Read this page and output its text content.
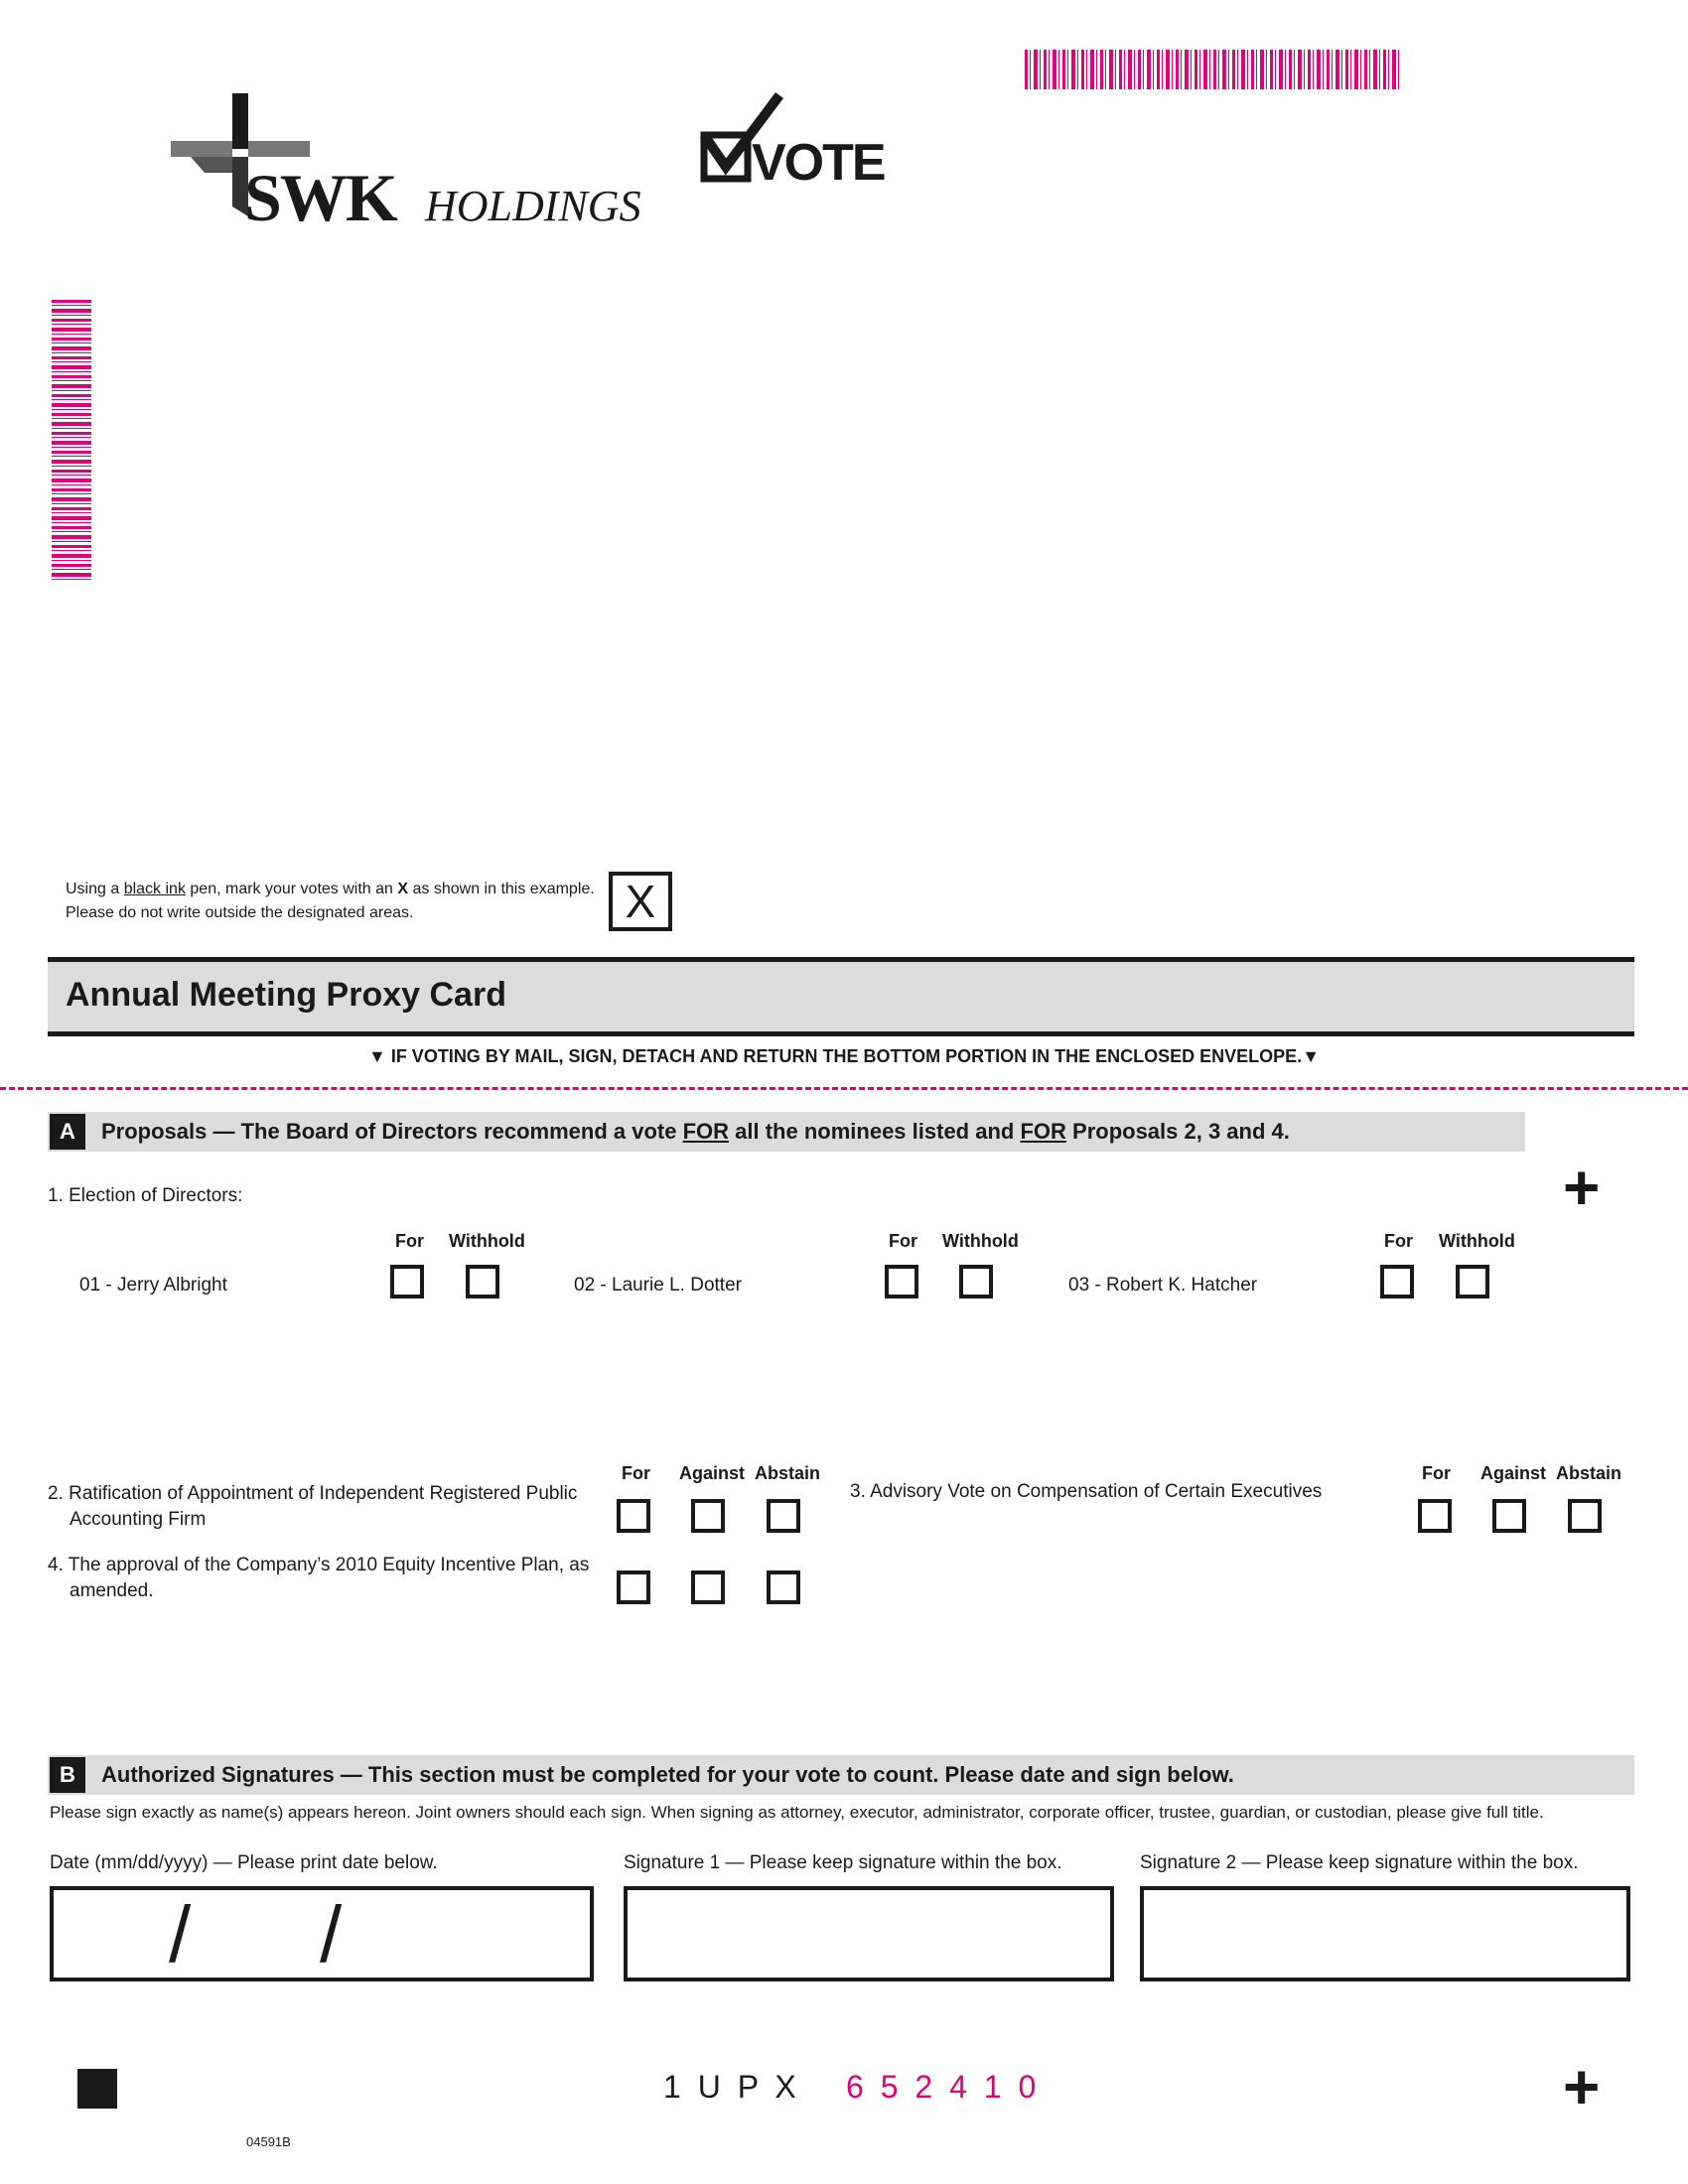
SWK HOLDINGS
VOTE
Using a black ink pen, mark your votes with an X as shown in this example.
Please do not write outside the designated areas.	X
Annual Meeting Proxy Card
▼ IF VOTING BY MAIL, SIGN, DETACH AND RETURN THE BOTTOM PORTION IN THE ENCLOSED ENVELOPE.▼
A	Proposals — The Board of Directors recommend a vote FOR all the nominees listed and FOR Proposals 2, 3 and 4.
+
1. Election of Directors:
For Withhold
01 - Jerry Albright
For Withhold
02 - Laurie L. Dotter
For Withhold
03 - Robert K. Hatcher
For Against Abstain
2. Ratification of Appointment of Independent Registered Public
Accounting Firm
4. The approval of the Company’s 2010 Equity Incentive Plan, as
amended.
3. Advisory Vote on Compensation of Certain Executives
For Against Abstain
B	Authorized Signatures — This section must be completed for your vote to count. Please date and sign below.
Please sign exactly as name(s) appears hereon. Joint owners should each sign. When signing as attorney, executor, administrator, corporate officer, trustee, guardian, or custodian, please give full title.
Date (mm/dd/yyyy) — Please print date below.	Signature 1 — Please keep signature within the box.	Signature 2 — Please keep signature within the box.
/ /
1 U P X 6 5 2 4 1 0	+
04591B
